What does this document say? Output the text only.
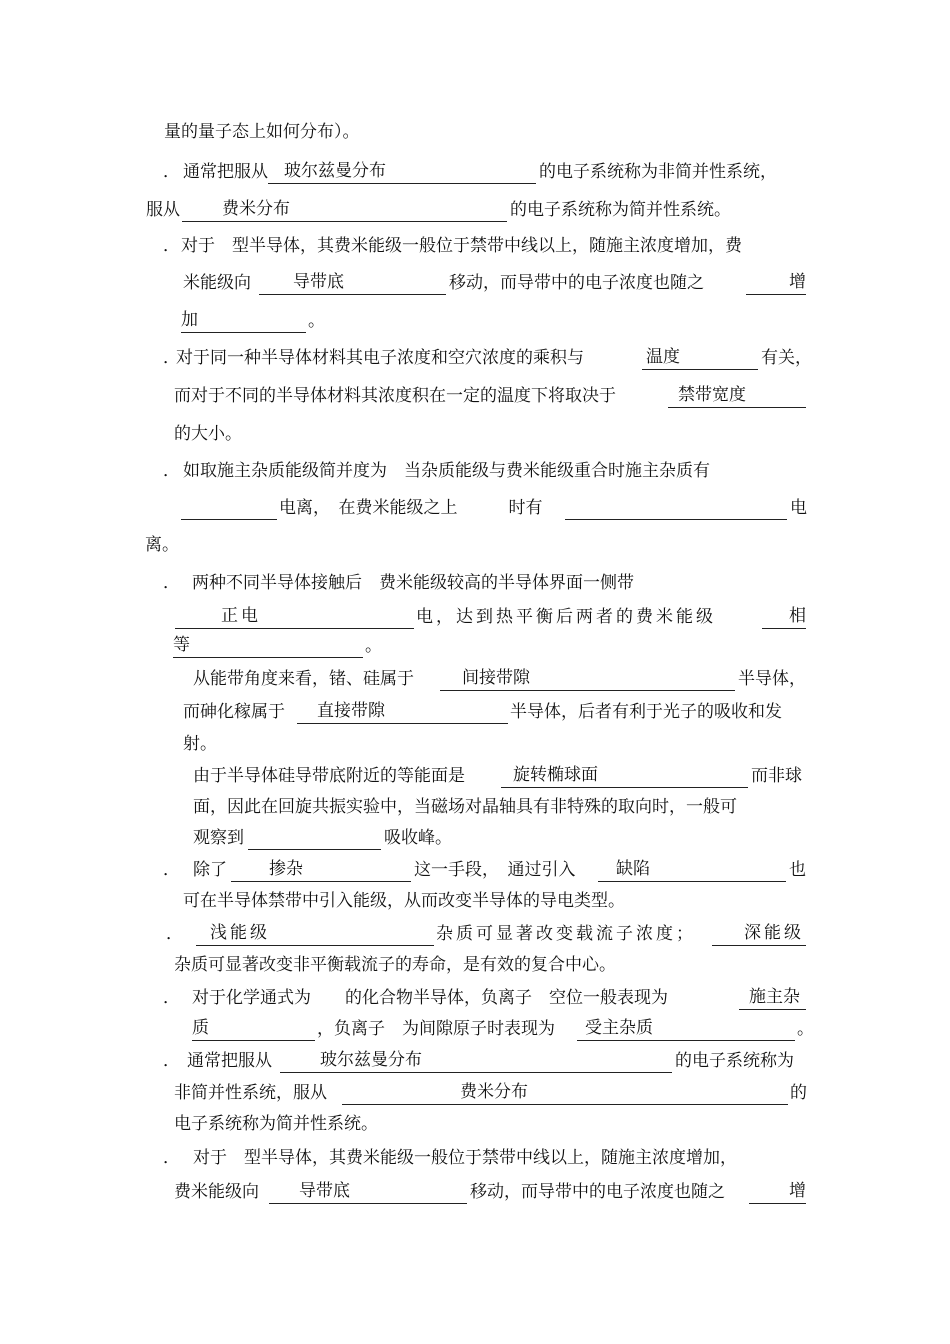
量的量子态上如何分布）。
． 通常把服从 玻尔兹曼分布	的电子系统称为非简并性系统，
服从	费米分布	的电子系统称为简并性系统。
． 对于　型半导体，其费米能级一般位于禁带中线以上，随施主浓度增加，费
米能级向	导带底	移动，而导带中的电子浓度也随之	增
加	。
．
对于同一种半导体材料其电子浓度和空穴浓度的乘积与	温度	有关，
而对于不同的半导体材料其浓度积在一定的温度下将取决于	禁带宽度
的大小。
． 如取施主杂质能级简并度为　当杂质能级与费米能级重合时施主杂质有
电离，　在费米能级之上　　　时有	电
离。
． 两种不同半导体接触后　费米能级较高的半导体界面一侧带
正电	电，达到热平衡后两者的费米能级	相
等	。
从能带角度来看，锗、硅属于	间接带隙	半导体，
而砷化稼属于	直接带隙	半导体，后者有利于光子的吸收和发
射。
由于半导体硅导带底附近的等能面是	旋转椭球面	而非球
面，因此在回旋共振实验中，当磁场对晶轴具有非特殊的取向时，一般可
观察到	吸收峰。
． 除了	掺杂	这一手段，　通过引入	缺陷	也
可在半导体禁带中引入能级，从而改变半导体的导电类型。
．	浅能级	杂质可显著改变载流子浓度；	深能级
杂质可显著改变非平衡载流子的寿命，是有效的复合中心。
． 对于化学通式为　　的化合物半导体，负离子　空位一般表现为	施主杂
质	，负离子　为间隙原子时表现为	受主杂质	。
． 通常把服从	玻尔兹曼分布	的电子系统称为
非简并性系统，服从	费米分布	的
电子系统称为简并性系统。
． 对于　型半导体，其费米能级一般位于禁带中线以上，随施主浓度增加，
费米能级向	导带底	移动，而导带中的电子浓度也随之	增
